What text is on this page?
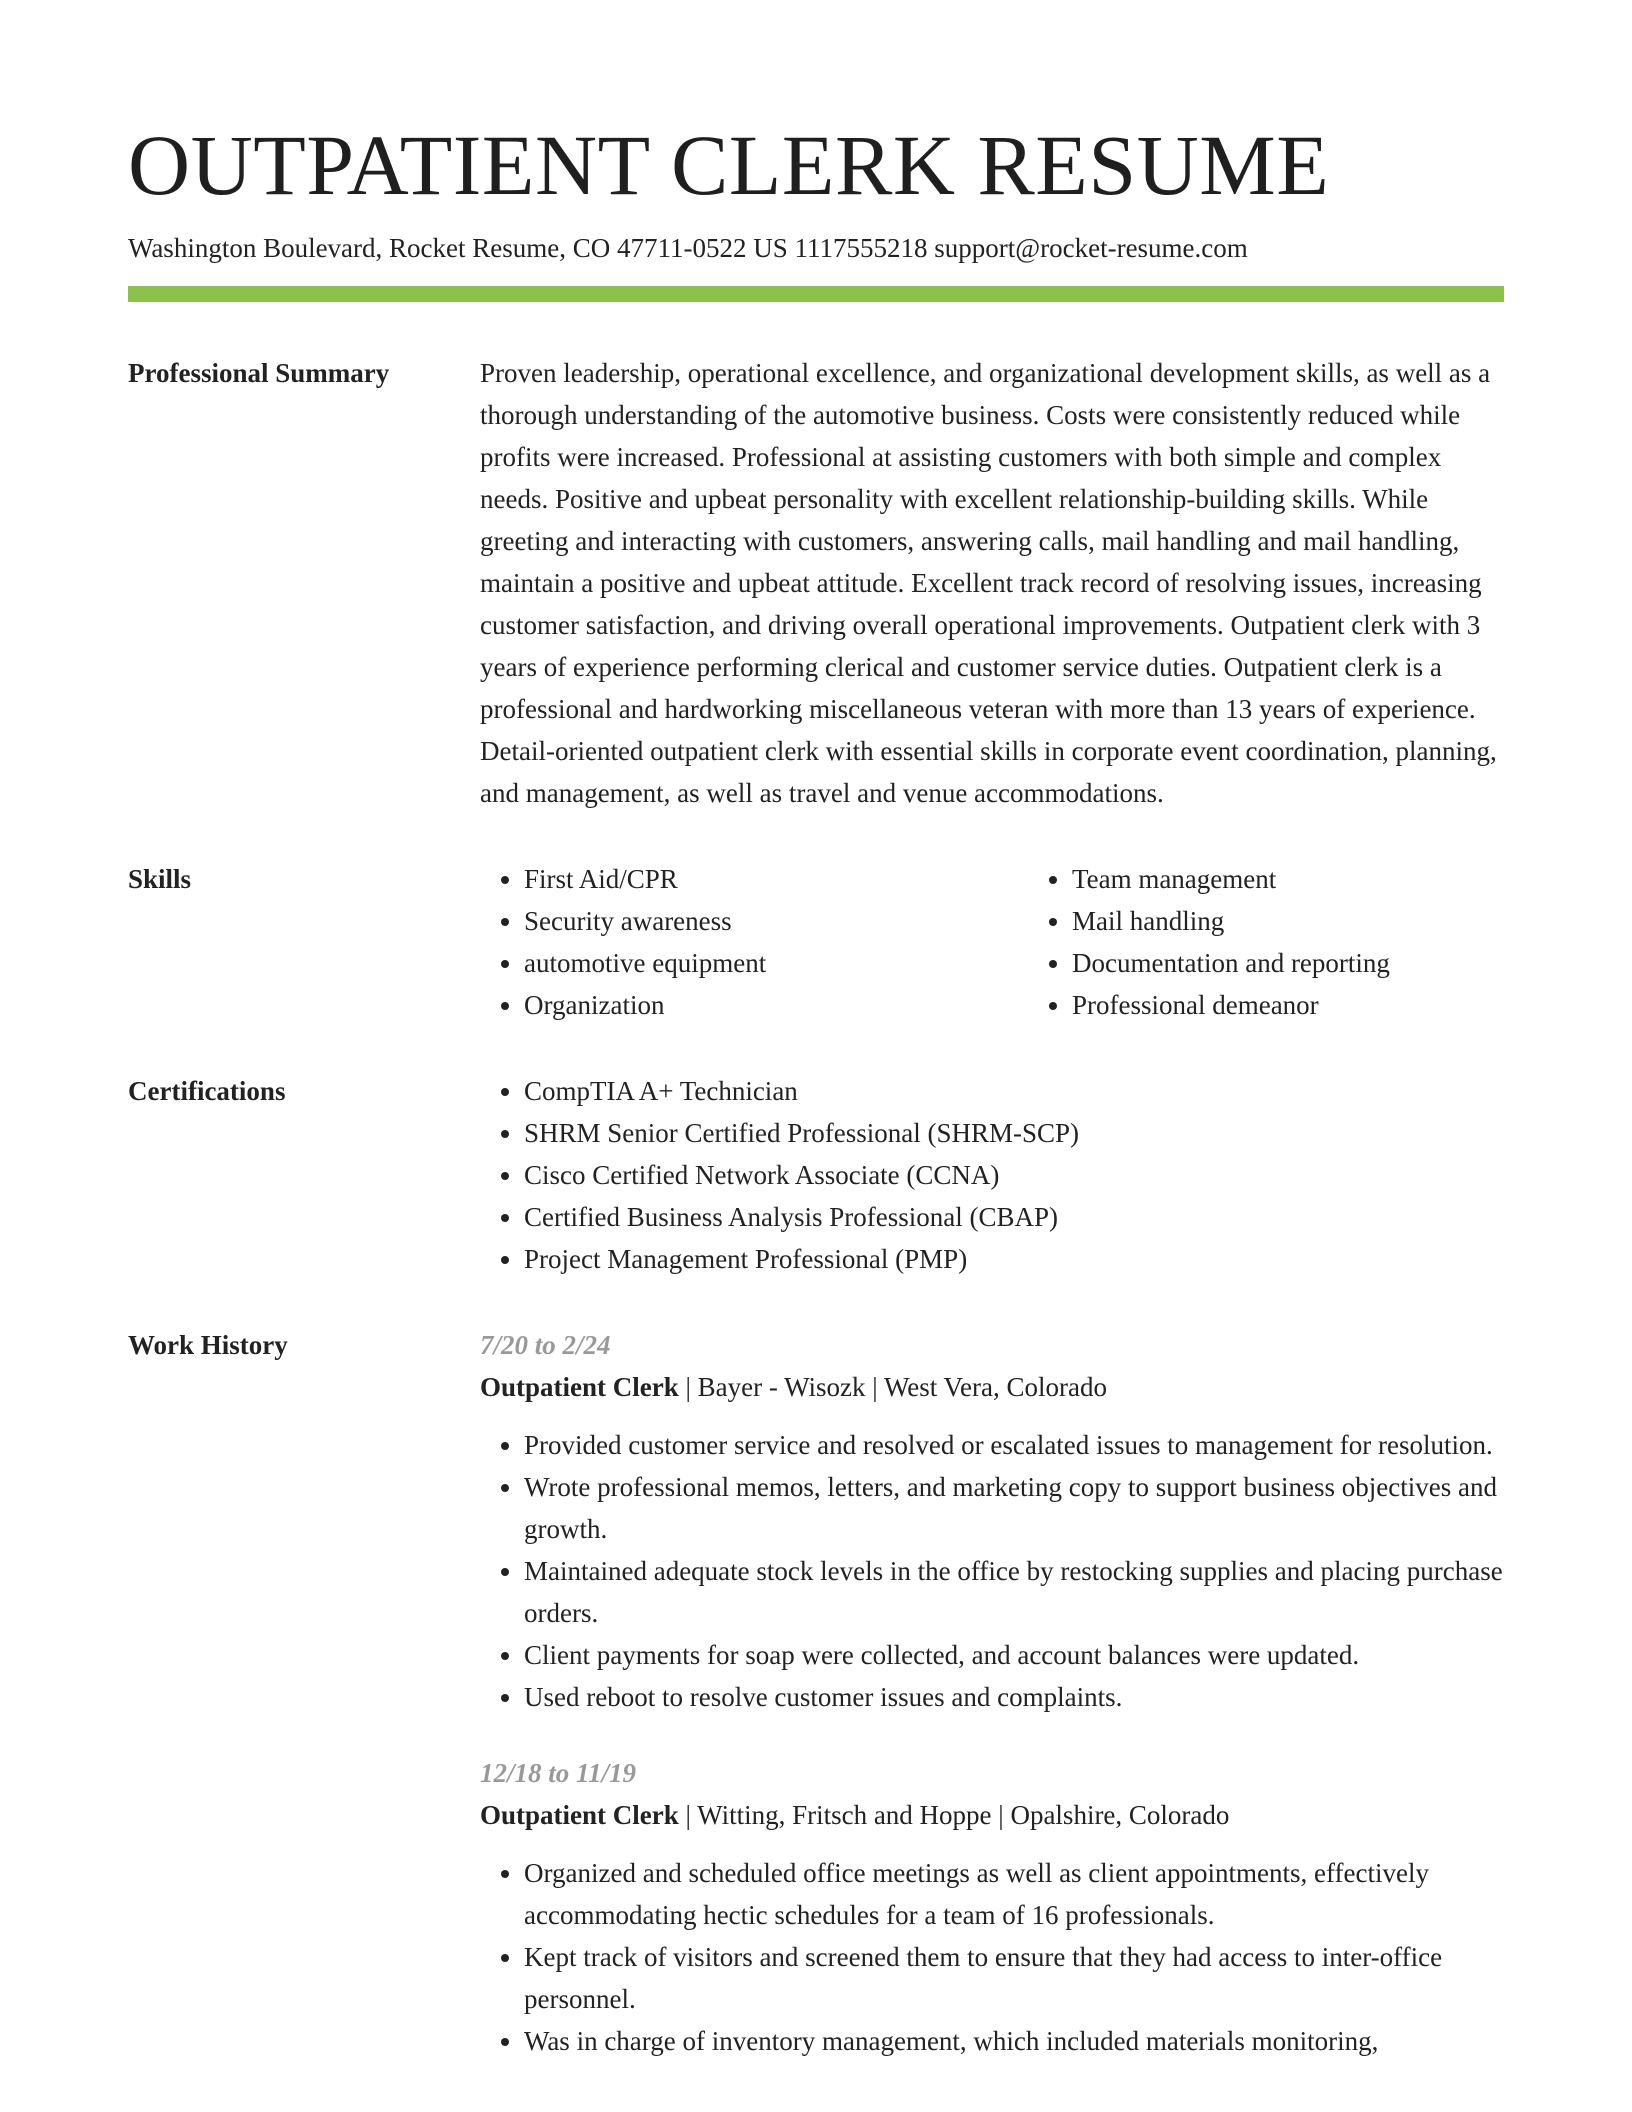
OUTPATIENT CLERK RESUME
Washington Boulevard, Rocket Resume, CO 47711-0522 US 1117555218 support@rocket-resume.com
Professional Summary	Proven leadership, operational excellence, and organizational development skills, as well as a thorough understanding of the automotive business. Costs were consistently reduced while profits were increased. Professional at assisting customers with both simple and complex needs. Positive and upbeat personality with excellent relationship-building skills. While greeting and interacting with customers, answering calls, mail handling and mail handling, maintain a positive and upbeat attitude. Excellent track record of resolving issues, increasing customer satisfaction, and driving overall operational improvements. Outpatient clerk with 3 years of experience performing clerical and customer service duties. Outpatient clerk is a professional and hardworking miscellaneous veteran with more than 13 years of experience. Detail-oriented outpatient clerk with essential skills in corporate event coordination, planning, and management, as well as travel and venue accommodations.

Skills	• First Aid/CPR
• Security awareness
• automotive equipment
• Organization
• Team management
• Mail handling
• Documentation and reporting
• Professional demeanor
Certifications	• CompTIA A+ Technician
• SHRM Senior Certified Professional (SHRM-SCP)
• Cisco Certified Network Associate (CCNA)
• Certified Business Analysis Professional (CBAP)
• Project Management Professional (PMP)
Work History	7/20 to 2/24
Outpatient Clerk | Bayer - Wisozk | West Vera, Colorado
• Provided customer service and resolved or escalated issues to management for resolution.
• Wrote professional memos, letters, and marketing copy to support business objectives and growth.
• Maintained adequate stock levels in the office by restocking supplies and placing purchase orders.
• Client payments for soap were collected, and account balances were updated.
• Used reboot to resolve customer issues and complaints.
12/18 to 11/19
Outpatient Clerk | Witting, Fritsch and Hoppe | Opalshire, Colorado
• Organized and scheduled office meetings as well as client appointments, effectively accommodating hectic schedules for a team of 16 professionals.
• Kept track of visitors and screened them to ensure that they had access to inter-office personnel.
• Was in charge of inventory management, which included materials monitoring,
